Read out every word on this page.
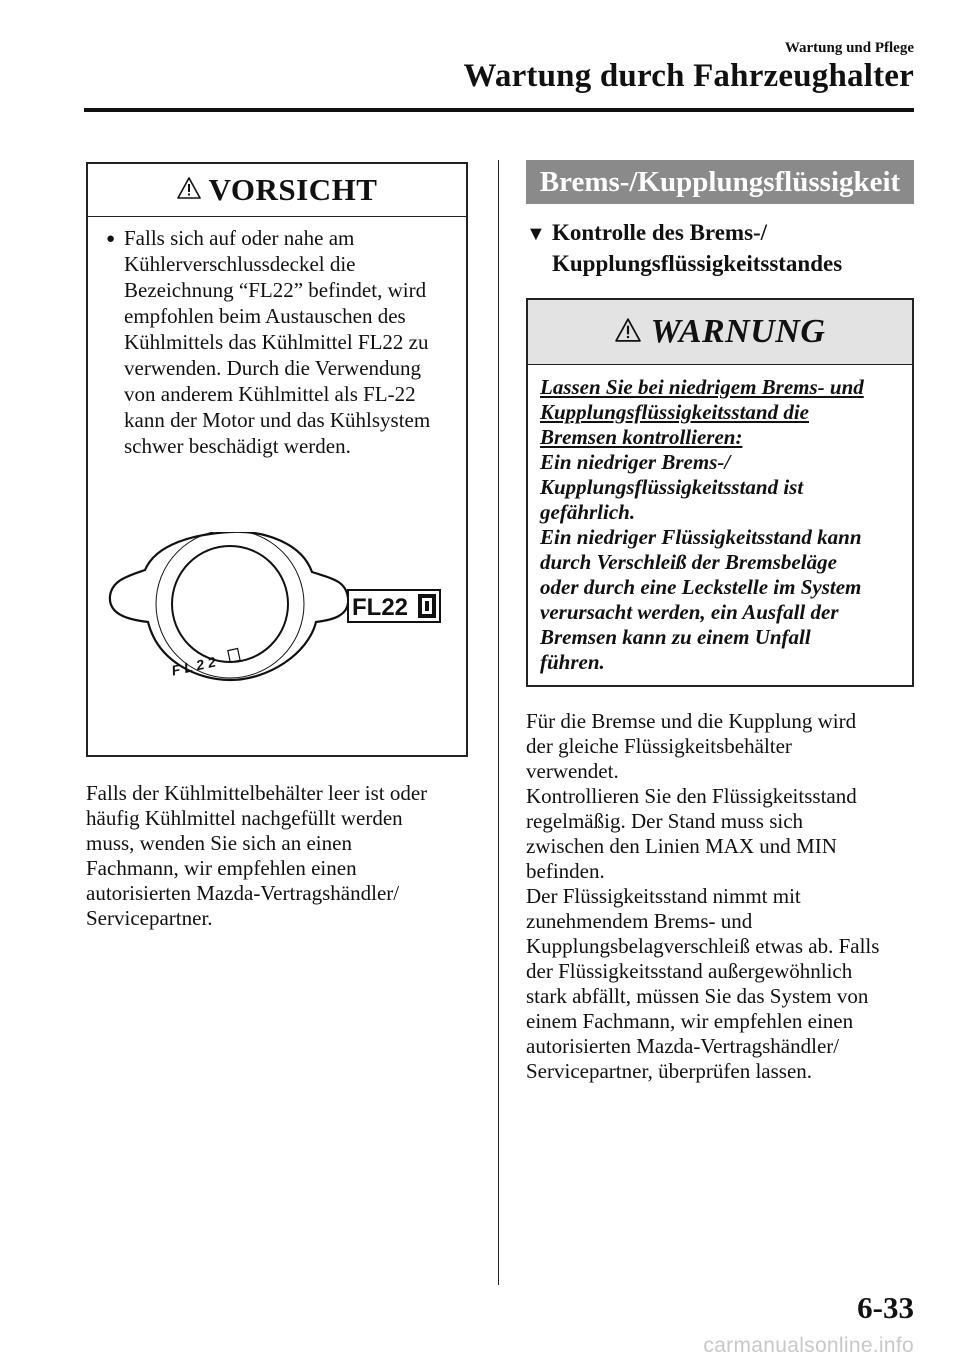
Wartung und Pflege
Wartung durch Fahrzeughalter
VORSICHT
● Falls sich auf oder nahe am
Kühlerverschlussdeckel die
Bezeichnung “FL22” befindet, wird
empfohlen beim Austauschen des
Kühlmittels das Kühlmittel FL22 zu
verwenden. Durch die Verwendung
von anderem Kühlmittel als FL-22
kann der Motor und das Kühlsystem
schwer beschädigt werden.
FL22
FL22
Falls der Kühlmittelbehälter leer ist oder
häufig Kühlmittel nachgefüllt werden
muss, wenden Sie sich an einen
Fachmann, wir empfehlen einen
autorisierten Mazda-Vertragshändler/
Servicepartner.
Brems-/Kupplungsflüssigkeit
▼ Kontrolle des Brems-/
Kupplungsflüssigkeitsstandes
WARNUNG
Lassen Sie bei niedrigem Brems- und
Kupplungsflüssigkeitsstand die
Bremsen kontrollieren:
Ein niedriger Brems-/
Kupplungsflüssigkeitsstand ist
gefährlich.
Ein niedriger Flüssigkeitsstand kann
durch Verschleiß der Bremsbeläge
oder durch eine Leckstelle im System
verursacht werden, ein Ausfall der
Bremsen kann zu einem Unfall
führen.
Für die Bremse und die Kupplung wird
der gleiche Flüssigkeitsbehälter
verwendet.
Kontrollieren Sie den Flüssigkeitsstand
regelmäßig. Der Stand muss sich
zwischen den Linien MAX und MIN
befinden.
Der Flüssigkeitsstand nimmt mit
zunehmendem Brems- und
Kupplungsbelagverschleiß etwas ab. Falls
der Flüssigkeitsstand außergewöhnlich
stark abfällt, müssen Sie das System von
einem Fachmann, wir empfehlen einen
autorisierten Mazda-Vertragshändler/
Servicepartner, überprüfen lassen.
6-33
carmanualsonline.info
